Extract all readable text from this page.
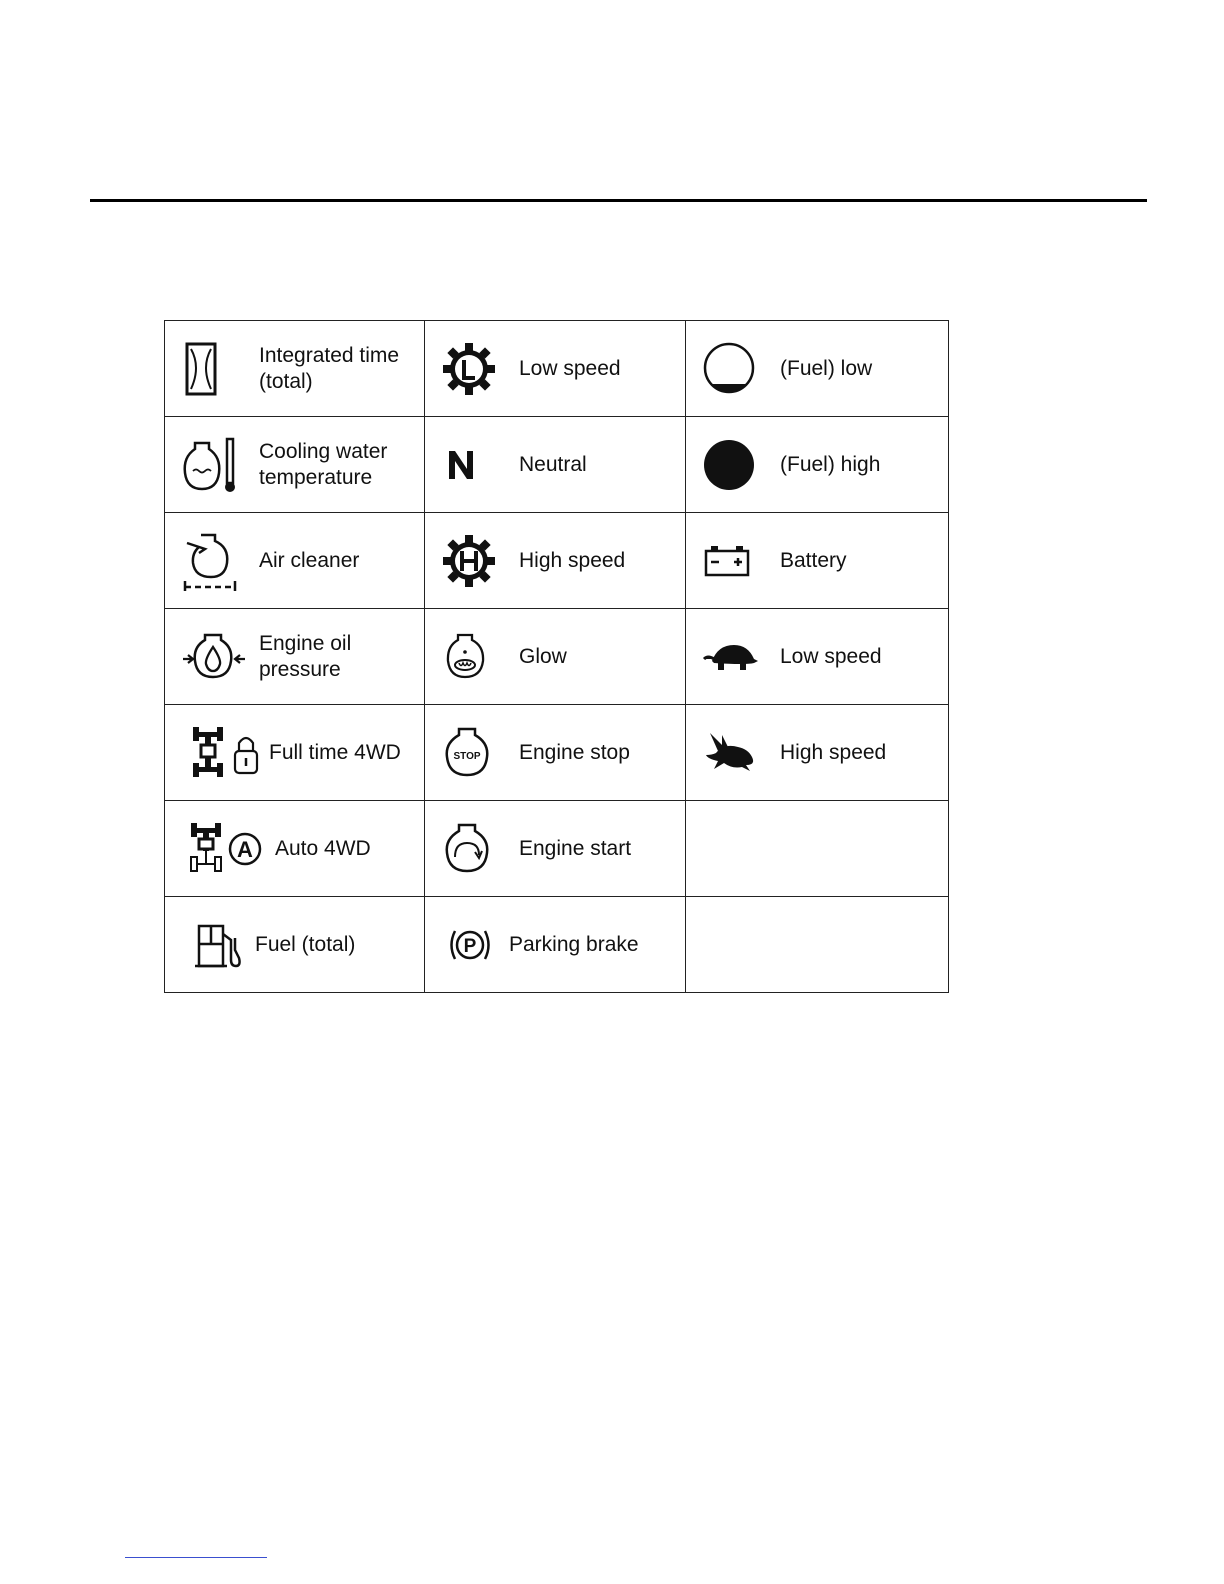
Integrated time
(total)	Low speed	(Fuel) low

Cooling water
temperature	Neutral	(Fuel) high

Air cleaner	High speed	Battery

Engine oil
pressure	Glow	Low speed

Full time 4WD	STOP Engine stop	High speed

A Auto 4WD	Engine start	

Fuel (total)	P Parking brake	
